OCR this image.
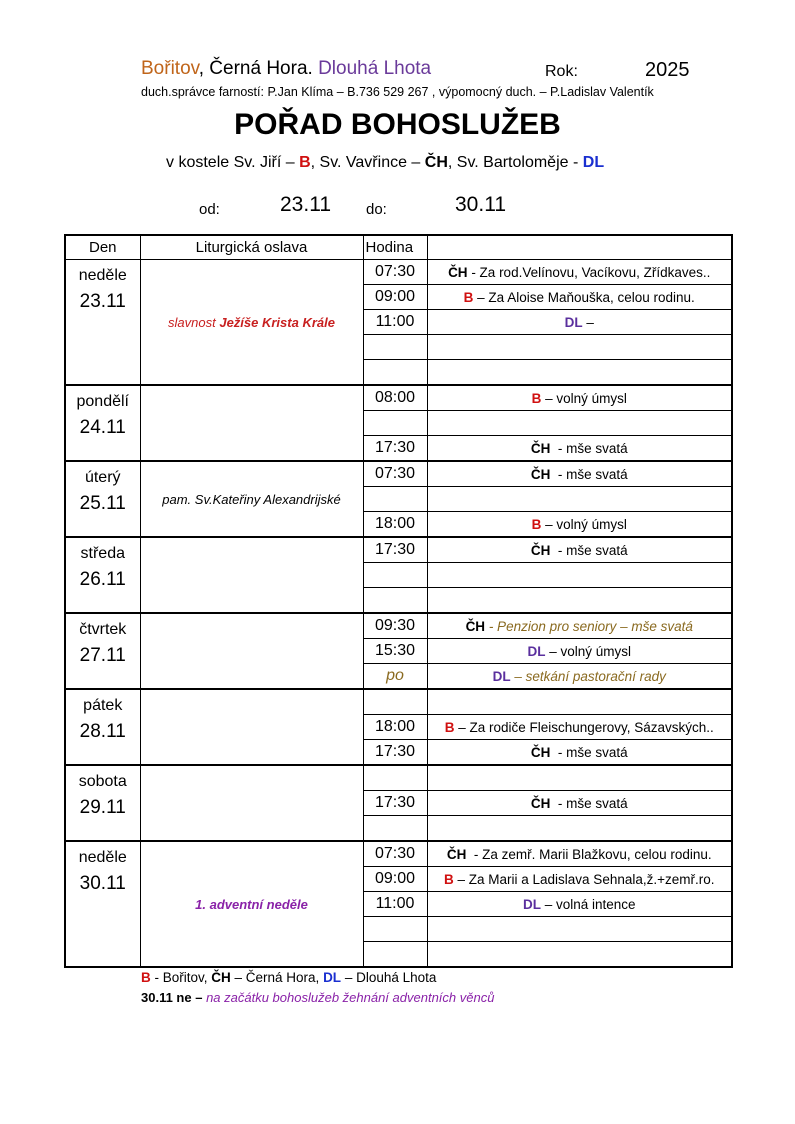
Bořitov, Černá Hora. Dlouhá Lhota	Rok:	2025
duch.správce farností: P.Jan Klíma – B.736 529 267 , výpomocný duch. – P.Ladislav Valentík
POŘAD BOHOSLUŽEB
v kostele Sv. Jiří – B, Sv. Vavřince – ČH, Sv. Bartoloměje - DL
od:	23.11 do:	30.11
Den	Liturgická oslava	Hodina	

neděle
23.11	slavnost Ježíše Krista Krále	07:30	ČH - Za rod.Velínovu, Vacíkovu, Zřídkaves..
		09:00	B – Za Aloise Maňouška, celou rodinu.
		11:00	DL –

pondělí
24.11		08:00	B – volný úmysl

		17:30	ČH  - mše svatá

úterý
25.11	pam. Sv.Kateřiny Alexandrijské	07:30	ČH  - mše svatá

		18:00	B – volný úmysl

středa
26.11		17:30	ČH  - mše svatá

čtvrtek
27.11		09:30	ČH - Penzion pro seniory – mše svatá
		15:30	DL – volný úmysl
		po	DL – setkání pastorační rady

pátek
28.11			

		18:00	B – Za rodiče Fleischungerovy, Sázavských..
		17:30	ČH  - mše svatá

sobota
29.11			

		17:30	ČH  - mše svatá

neděle
30.11	1. adventní neděle	07:30	ČH  - Za zemř. Marii Blažkovu, celou rodinu.
		09:00	B – Za Marii a Ladislava Sehnala,ž.+zemř.ro.
		11:00	DL – volná intence

B - Bořitov, ČH – Černá Hora, DL – Dlouhá Lhota
30.11 ne – na začátku bohoslužeb žehnání adventních věnců
